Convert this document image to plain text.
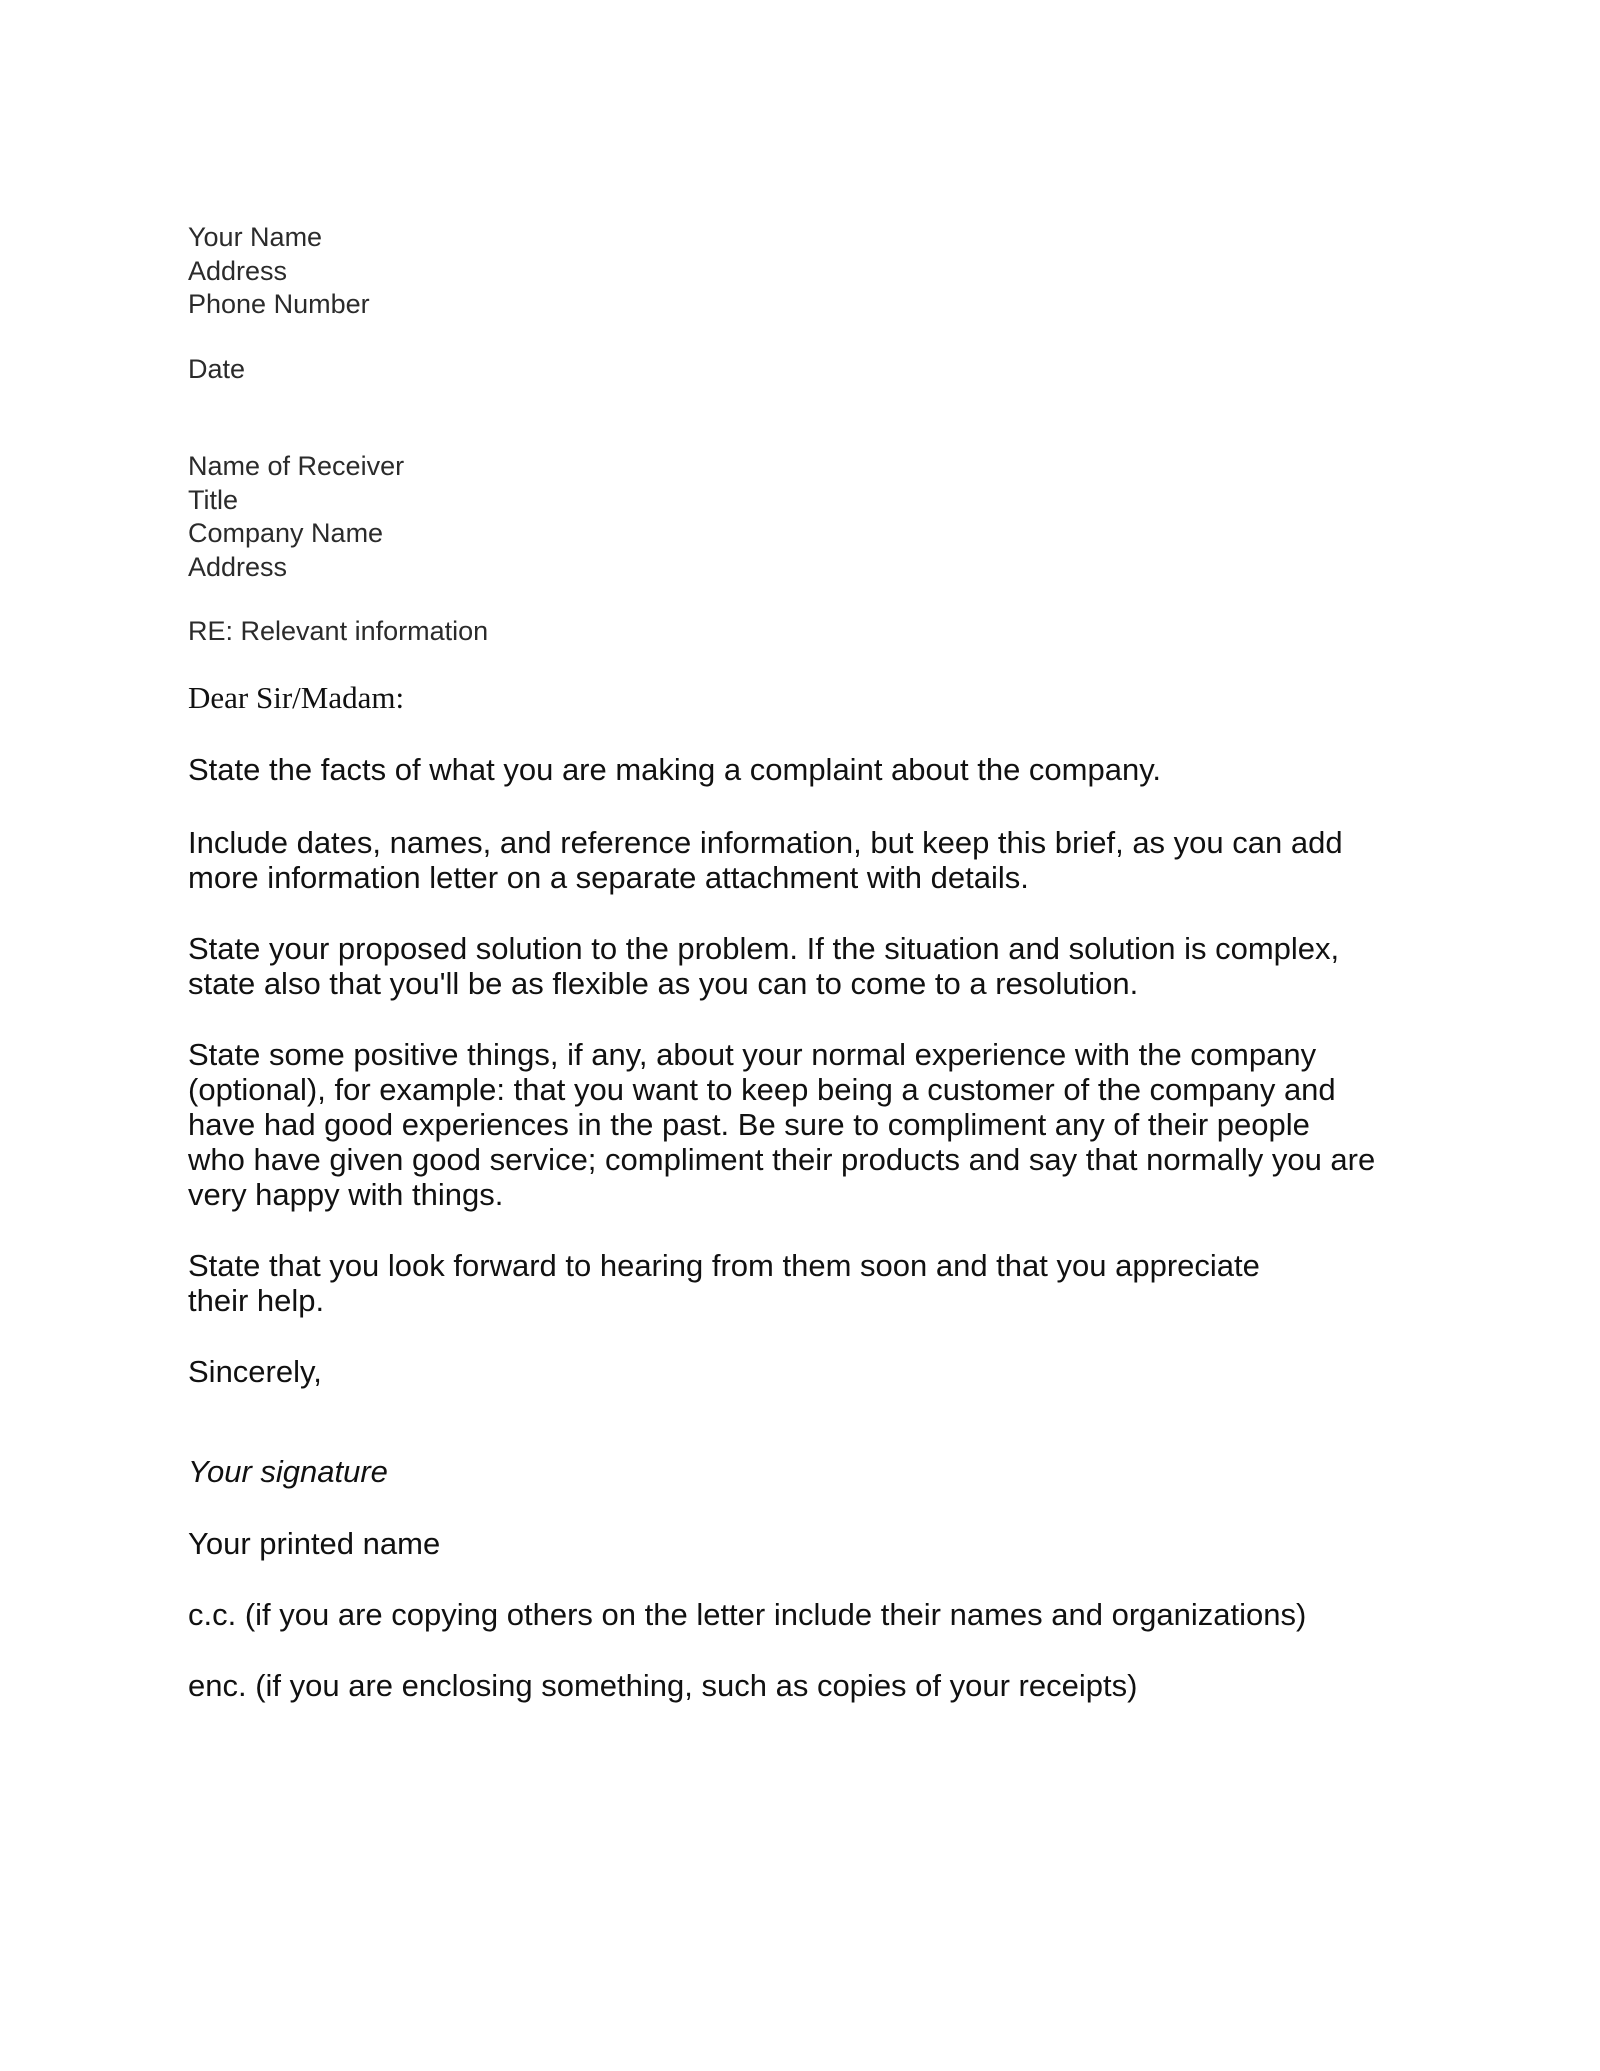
Your Name
Address
Phone Number
Date
Name of Receiver
Title
Company Name
Address
RE: Relevant information
Dear Sir/Madam:
State the facts of what you are making a complaint about the company.
Include dates, names, and reference information, but keep this brief, as you can add
more information letter on a separate attachment with details.
State your proposed solution to the problem. If the situation and solution is complex,
state also that you'll be as flexible as you can to come to a resolution.
State some positive things, if any, about your normal experience with the company
(optional), for example: that you want to keep being a customer of the company and
have had good experiences in the past. Be sure to compliment any of their people
who have given good service; compliment their products and say that normally you are
very happy with things.
State that you look forward to hearing from them soon and that you appreciate
their help.
Sincerely,
Your signature
Your printed name
c.c. (if you are copying others on the letter include their names and organizations)
enc. (if you are enclosing something, such as copies of your receipts)
